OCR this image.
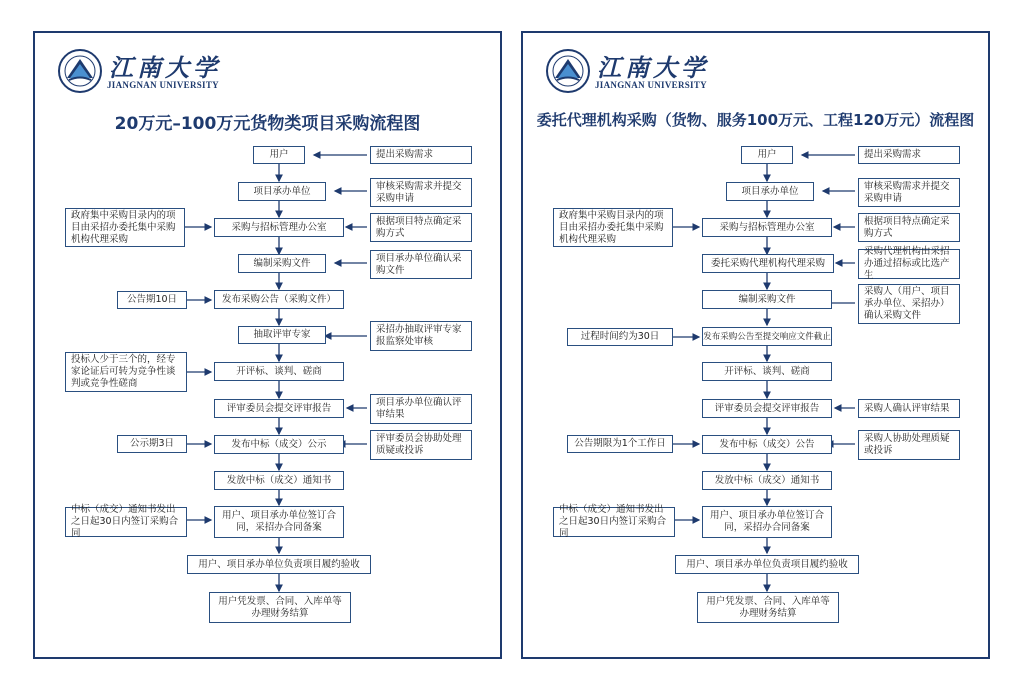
江南大学
JIANGNAN UNIVERSITY
20万元–100万元货物类项目采购流程图
用户
项目承办单位
采购与招标管理办公室
编制采购文件
发布采购公告（采购文件）
抽取评审专家
开评标、谈判、磋商
评审委员会提交评审报告
发布中标（成交）公示
发放中标（成交）通知书
用户、项目承办单位签订合同，采招办合同备案
用户、项目承办单位负责项目履约验收
用户凭发票、合同、入库单等办理财务结算
提出采购需求
审核采购需求并提交采购申请
根据项目特点确定采购方式
项目承办单位确认采购文件
采招办抽取评审专家报监察处审核
项目承办单位确认评审结果
评审委员会协助处理质疑或投诉
政府集中采购目录内的项目由采招办委托集中采购机构代理采购
公告期10日
投标人少于三个的，经专家论证后可转为竞争性谈判或竞争性磋商
公示期3日
中标（成交）通知书发出之日起30日内签订采购合同
江南大学
JIANGNAN UNIVERSITY
委托代理机构采购（货物、服务100万元、工程120万元）流程图
用户
项目承办单位
采购与招标管理办公室
委托采购代理机构代理采购
编制采购文件
发布采购公告至提交响应文件截止
开评标、谈判、磋商
评审委员会提交评审报告
发布中标（成交）公告
发放中标（成交）通知书
用户、项目承办单位签订合同，采招办合同备案
用户、项目承办单位负责项目履约验收
用户凭发票、合同、入库单等办理财务结算
提出采购需求
审核采购需求并提交采购申请
根据项目特点确定采购方式
采购代理机构由采招办通过招标或比选产生
采购人（用户、项目承办单位、采招办）确认采购文件
采购人确认评审结果
采购人协助处理质疑或投诉
政府集中采购目录内的项目由采招办委托集中采购机构代理采购
过程时间约为30日
公告期限为1个工作日
中标（成交）通知书发出之日起30日内签订采购合同
